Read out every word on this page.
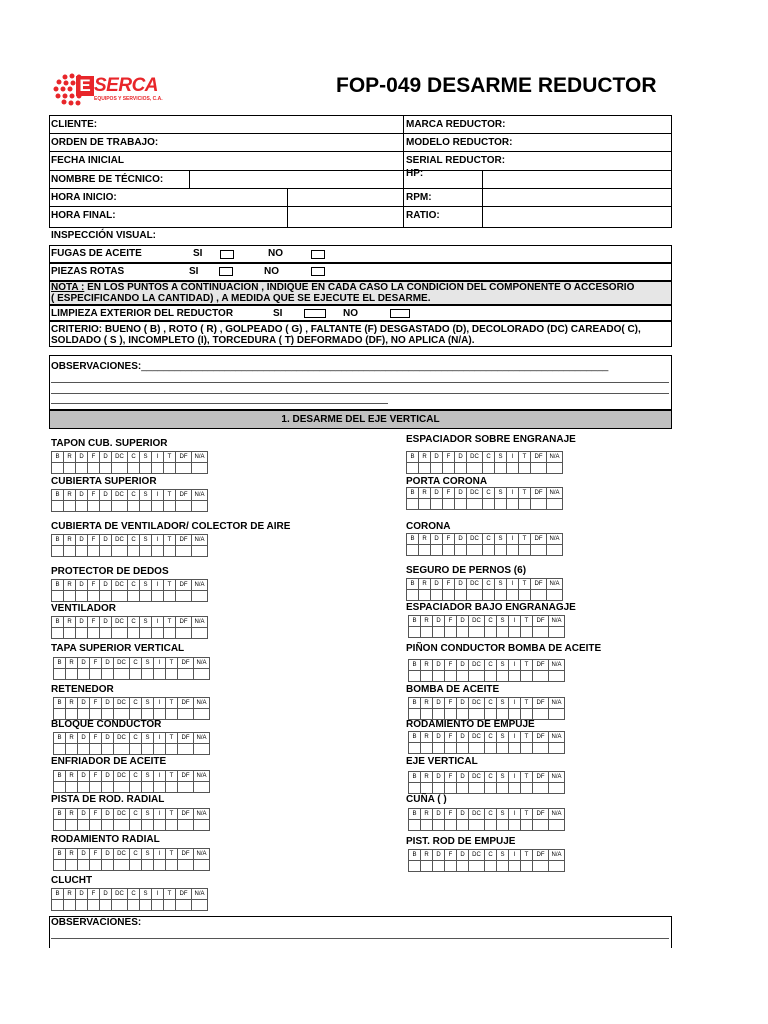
E SERCA
EQUIPOS Y SERVICIOS, C.A.
FOP-049 DESARME REDUCTOR
CLIENTE:
ORDEN DE TRABAJO:
FECHA INICIAL
NOMBRE DE TÉCNICO:
HORA INICIO:
HORA FINAL:
MARCA REDUCTOR:
MODELO REDUCTOR:
SERIAL REDUCTOR:
HP:
RPM:
RATIO:
INSPECCIÓN VISUAL:
FUGAS DE ACEITE	SI	NO
PIEZAS ROTAS	SI	NO
NOTA : EN LOS PUNTOS A CONTINUACION , INDIQUE EN CADA CASO LA CONDICION DEL COMPONENTE O ACCESORIO
( ESPECIFICANDO LA CANTIDAD) , A MEDIDA QUE SE EJECUTE EL DESARME.
LIMPIEZA EXTERIOR DEL REDUCTOR	SI	NO
CRITERIO: BUENO ( B) , ROTO ( R) , GOLPEADO ( G) , FALTANTE (F) DESGASTADO (D), DECOLORADO (DC) CAREADO( C),
SOLDADO ( S ), INCOMPLETO (I), TORCEDURA ( T) DEFORMADO (DF), NO APLICA (N/A).
OBSERVACIONES:____________________________________________________________________________________
1. DESARME DEL EJE VERTICAL
TAPON CUB. SUPERIOR
B	R	D	F	D	DC	C	S	I	T	DF	N/A

CUBIERTA SUPERIOR
B	R	D	F	D	DC	C	S	I	T	DF	N/A

CUBIERTA DE VENTILADOR/ COLECTOR DE AIRE
B	R	D	F	D	DC	C	S	I	T	DF	N/A

PROTECTOR DE DEDOS
B	R	D	F	D	DC	C	S	I	T	DF	N/A

VENTILADOR
B	R	D	F	D	DC	C	S	I	T	DF	N/A

TAPA SUPERIOR VERTICAL
B	R	D	F	D	DC	C	S	I	T	DF	N/A

RETENEDOR
B	R	D	F	D	DC	C	S	I	T	DF	N/A

BLOQUE CONDUCTOR
B	R	D	F	D	DC	C	S	I	T	DF	N/A

ENFRIADOR DE ACEITE
B	R	D	F	D	DC	C	S	I	T	DF	N/A

PISTA DE ROD. RADIAL
B	R	D	F	D	DC	C	S	I	T	DF	N/A

RODAMIENTO RADIAL
B	R	D	F	D	DC	C	S	I	T	DF	N/A

CLUCHT
B	R	D	F	D	DC	C	S	I	T	DF	N/A

ESPACIADOR SOBRE ENGRANAJE
B	R	D	F	D	DC	C	S	I	T	DF	N/A

PORTA CORONA
B	R	D	F	D	DC	C	S	I	T	DF	N/A

CORONA
B	R	D	F	D	DC	C	S	I	T	DF	N/A

SEGURO DE PERNOS (6)
B	R	D	F	D	DC	C	S	I	T	DF	N/A

ESPACIADOR BAJO ENGRANAGJE
B	R	D	F	D	DC	C	S	I	T	DF	N/A

PIÑON CONDUCTOR BOMBA DE ACEITE
B	R	D	F	D	DC	C	S	I	T	DF	N/A

BOMBA DE ACEITE
B	R	D	F	D	DC	C	S	I	T	DF	N/A

RODAMIENTO DE EMPUJE
B	R	D	F	D	DC	C	S	I	T	DF	N/A

EJE VERTICAL
B	R	D	F	D	DC	C	S	I	T	DF	N/A

CUÑA ( )
B	R	D	F	D	DC	C	S	I	T	DF	N/A

PIST. ROD DE EMPUJE
B	R	D	F	D	DC	C	S	I	T	DF	N/A

OBSERVACIONES:
